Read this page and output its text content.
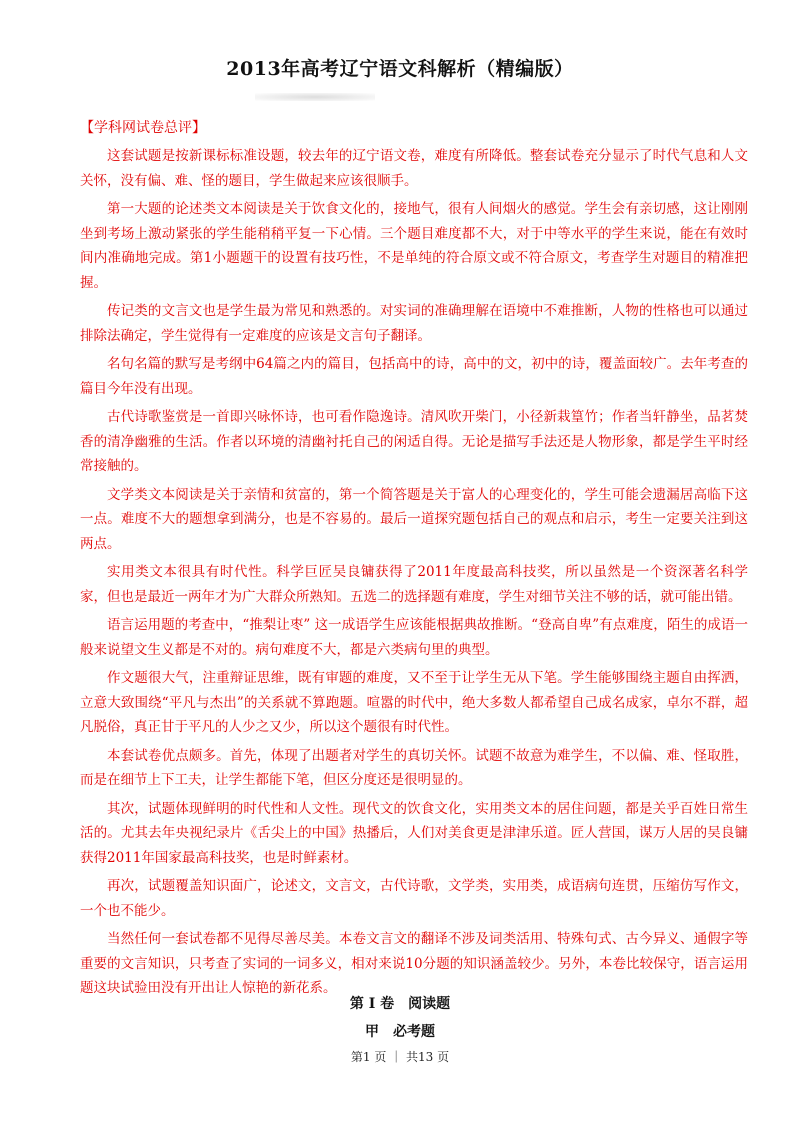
2013年高考辽宁语文科解析（精编版）
【学科网试卷总评】

这套试题是按新课标标准设题，较去年的辽宁语文卷，难度有所降低。整套试卷充分显示了时代气息和人文关怀，没有偏、难、怪的题目，学生做起来应该很顺手。

第一大题的论述类文本阅读是关于饮食文化的，接地气，很有人间烟火的感觉。学生会有亲切感，这让刚刚坐到考场上激动紧张的学生能稍稍平复一下心情。三个题目难度都不大，对于中等水平的学生来说，能在有效时间内准确地完成。第1小题题干的设置有技巧性，不是单纯的符合原文或不符合原文，考查学生对题目的精准把握。

传记类的文言文也是学生最为常见和熟悉的。对实词的准确理解在语境中不难推断，人物的性格也可以通过排除法确定，学生觉得有一定难度的应该是文言句子翻译。

名句名篇的默写是考纲中64篇之内的篇目，包括高中的诗，高中的文，初中的诗，覆盖面较广。去年考查的篇目今年没有出现。

古代诗歌鉴赏是一首即兴咏怀诗，也可看作隐逸诗。清风吹开柴门，小径新栽篁竹；作者当轩静坐，品茗焚香的清净幽雅的生活。作者以环境的清幽衬托自己的闲适自得。无论是描写手法还是人物形象，都是学生平时经常接触的。

文学类文本阅读是关于亲情和贫富的，第一个简答题是关于富人的心理变化的，学生可能会遗漏居高临下这一点。难度不大的题想拿到满分，也是不容易的。最后一道探究题包括自己的观点和启示，考生一定要关注到这两点。

实用类文本很具有时代性。科学巨匠吴良镛获得了2011年度最高科技奖，所以虽然是一个资深著名科学家，但也是最近一两年才为广大群众所熟知。五选二的选择题有难度，学生对细节关注不够的话，就可能出错。

语言运用题的考查中，“推梨让枣” 这一成语学生应该能根据典故推断。“登高自卑”有点难度，陌生的成语一般来说望文生义都是不对的。病句难度不大，都是六类病句里的典型。

作文题很大气，注重辩证思维，既有审题的难度，又不至于让学生无从下笔。学生能够围绕主题自由挥洒，立意大致围绕“平凡与杰出”的关系就不算跑题。喧嚣的时代中，绝大多数人都希望自己成名成家，卓尔不群，超凡脱俗，真正甘于平凡的人少之又少，所以这个题很有时代性。

本套试卷优点颇多。首先，体现了出题者对学生的真切关怀。试题不故意为难学生，不以偏、难、怪取胜，而是在细节上下工夫，让学生都能下笔，但区分度还是很明显的。

其次，试题体现鲜明的时代性和人文性。现代文的饮食文化，实用类文本的居住问题，都是关乎百姓日常生活的。尤其去年央视纪录片《舌尖上的中国》热播后，人们对美食更是津津乐道。匠人营国，谋万人居的吴良镛获得2011年国家最高科技奖，也是时鲜素材。

再次，试题覆盖知识面广，论述文，文言文，古代诗歌，文学类，实用类，成语病句连贯，压缩仿写作文，一个也不能少。

当然任何一套试卷都不见得尽善尽美。本卷文言文的翻译不涉及词类活用、特殊句式、古今异义、通假字等重要的文言知识，只考查了实词的一词多义，相对来说10分题的知识涵盖较少。另外，本卷比较保守，语言运用题这块试验田没有开出让人惊艳的新花系。

第 I 卷　阅读题
甲　必考题
第1 页 ｜ 共13 页
